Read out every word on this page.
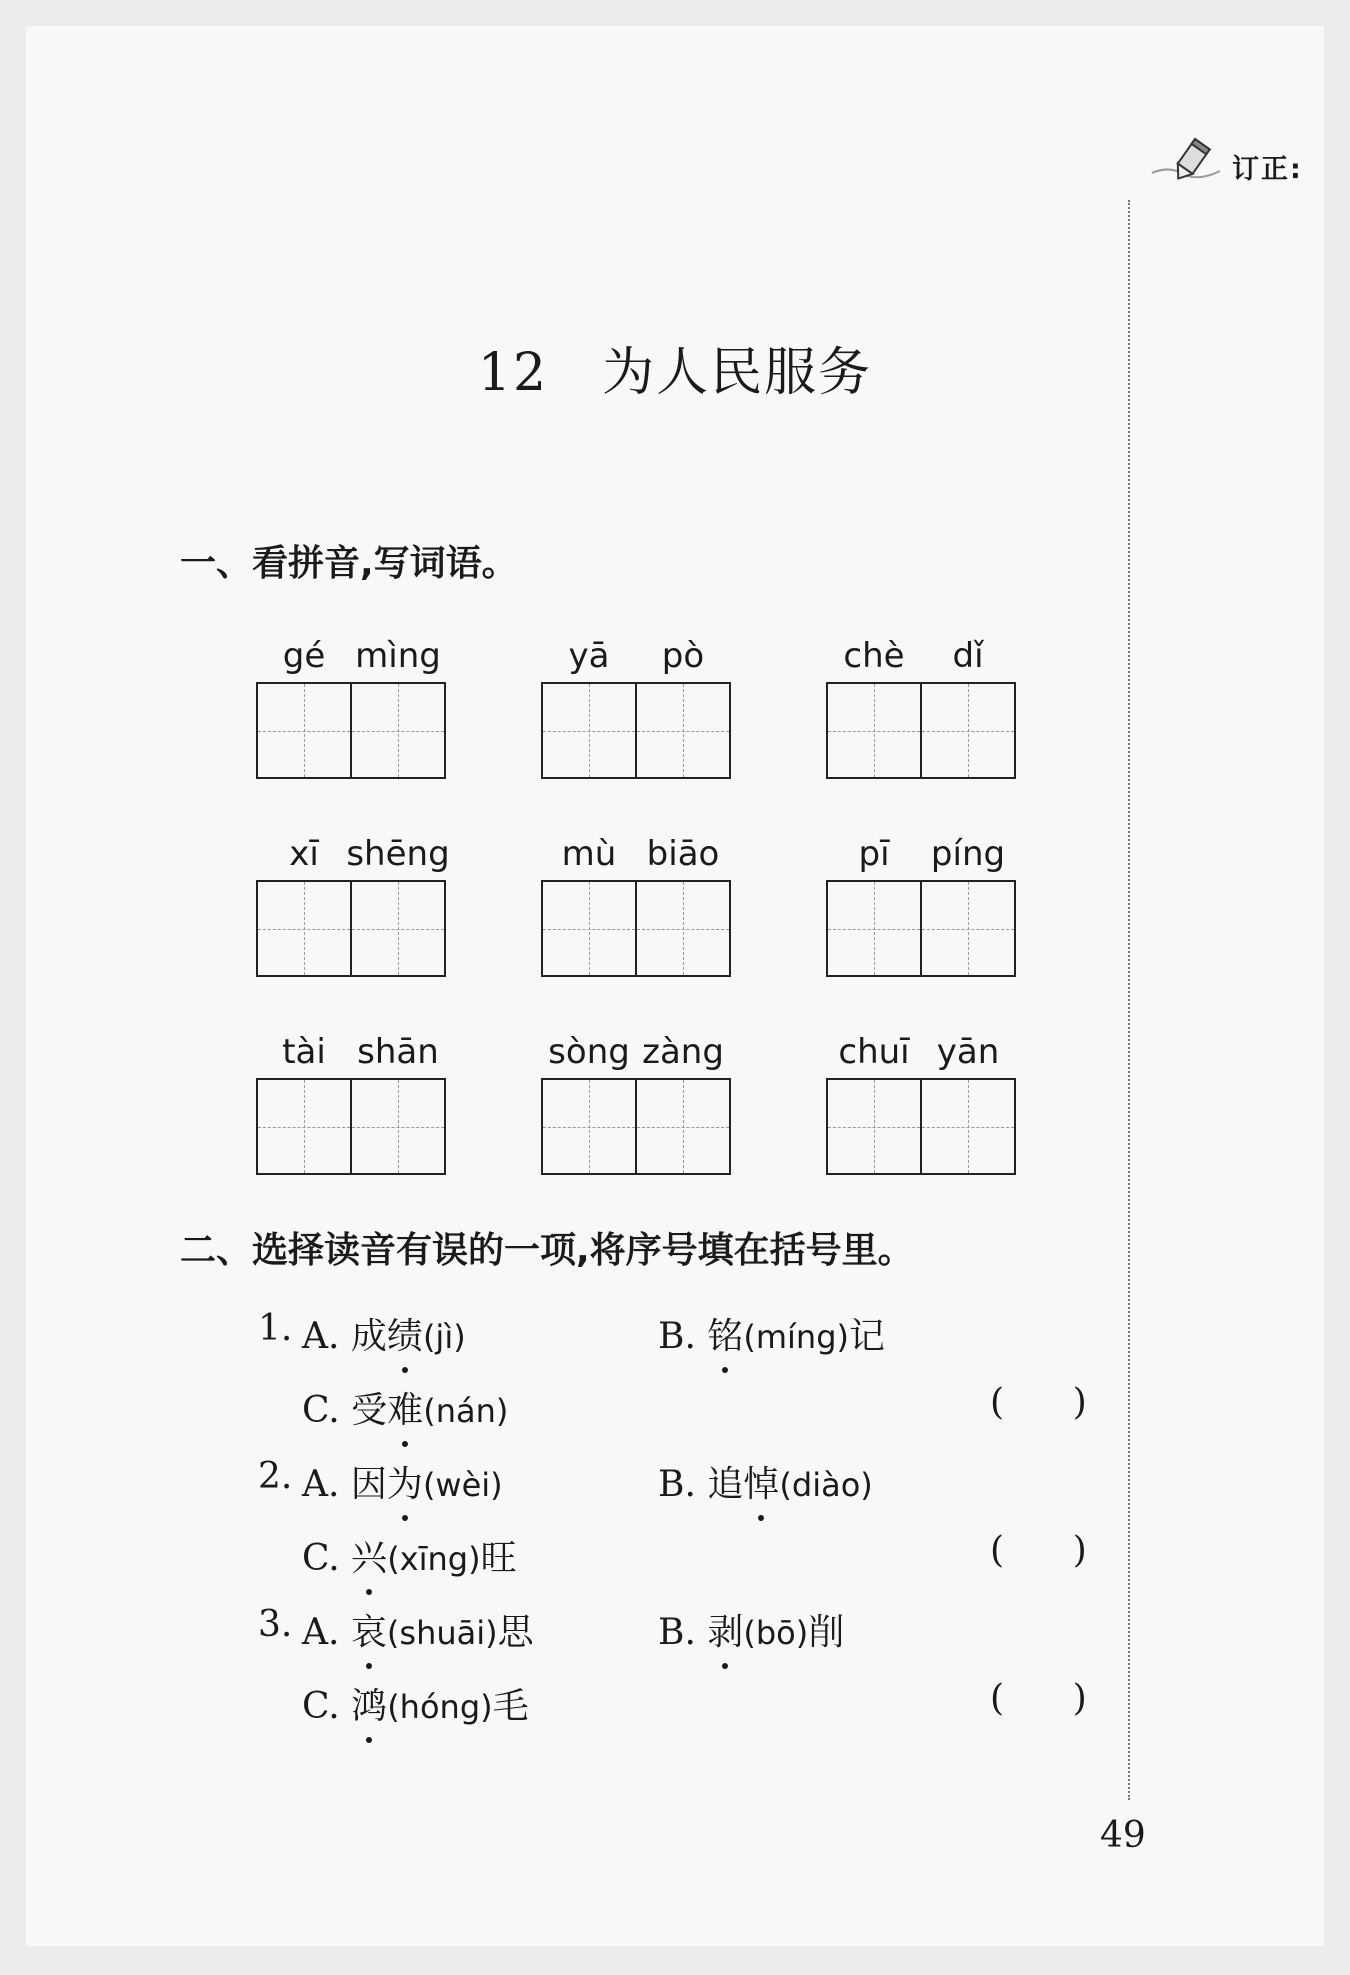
订正:
12 为人民服务
一、看拼音,写词语。
gé mìng	yā pò	chè dǐ
xī shēng	mù biāo	pī píng
tài shān	sòng zàng	chuī yān
二、选择读音有误的一项,将序号填在括号里。
1. A. 成绩(jì)	B. 铭(míng)记
C. 受难(nán)	(      )
2. A. 因为(wèi)	B. 追悼(diào)
C. 兴(xīng)旺	(      )
3. A. 哀(shuāi)思	B. 剥(bō)削
C. 鸿(hóng)毛	(      )
49
